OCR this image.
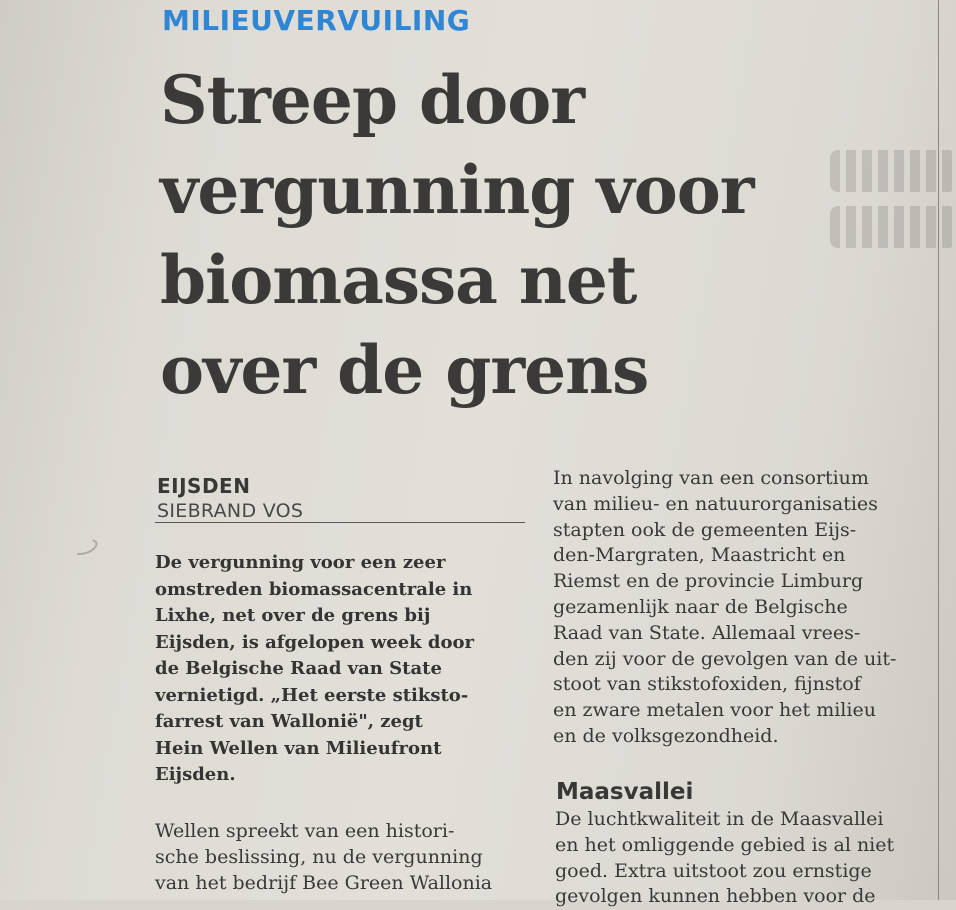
MILIEUVERVUILING

Streep door
vergunning voor
biomassa net
over de grens

EIJSDEN

SIEBRAND VOS

De vergunning voor een zeer
omstreden biomassacentrale in
Lixhe, net over de grens bij
Eijsden, is afgelopen week door
de Belgische Raad van State
vernietigd. „Het eerste stiksto-
farrest van Wallonië", zegt
Hein Wellen van Milieufront
Eijsden.

Wellen spreekt van een histori-
sche beslissing, nu de vergunning
van het bedrijf Bee Green Wallonia

In navolging van een consortium
van milieu- en natuurorganisaties
stapten ook de gemeenten Eijs-
den-Margraten, Maastricht en
Riemst en de provincie Limburg
gezamenlijk naar de Belgische
Raad van State. Allemaal vrees-
den zij voor de gevolgen van de uit-
stoot van stikstofoxiden, fijnstof
en zware metalen voor het milieu
en de volksgezondheid.

Maasvallei

De luchtkwaliteit in de Maasvallei
en het omliggende gebied is al niet
goed. Extra uitstoot zou ernstige
gevolgen kunnen hebben voor de
